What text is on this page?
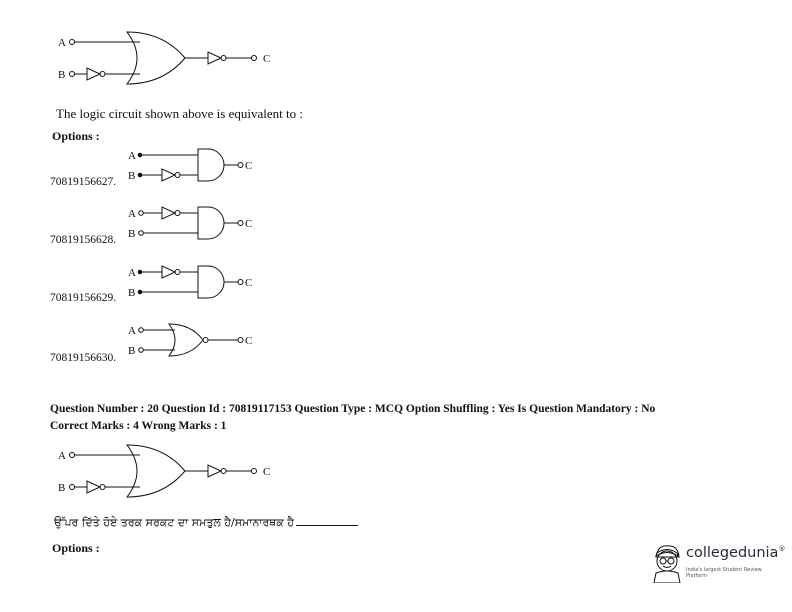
A
B
C
The logic circuit shown above is equivalent to :
Options :
A
B
C
70819156627.
A
B
C
70819156628.
A
B
C
70819156629.
A
B
C
70819156630.
Question Number : 20 Question Id : 70819117153 Question Type : MCQ Option Shuffling : Yes Is Question Mandatory : No
Correct Marks : 4 Wrong Marks : 1
A
B
C
ਉੱਪਰ ਦਿੱਤੇ ਹੋਏ ਤਰਕ ਸਰਕਟ ਦਾ ਸਮਤੁਲ ਹੈ/ਸਮਾਨਾਰਥਕ ਹੈ
Options :	collegedunia®
India's largest Student Review Platform
